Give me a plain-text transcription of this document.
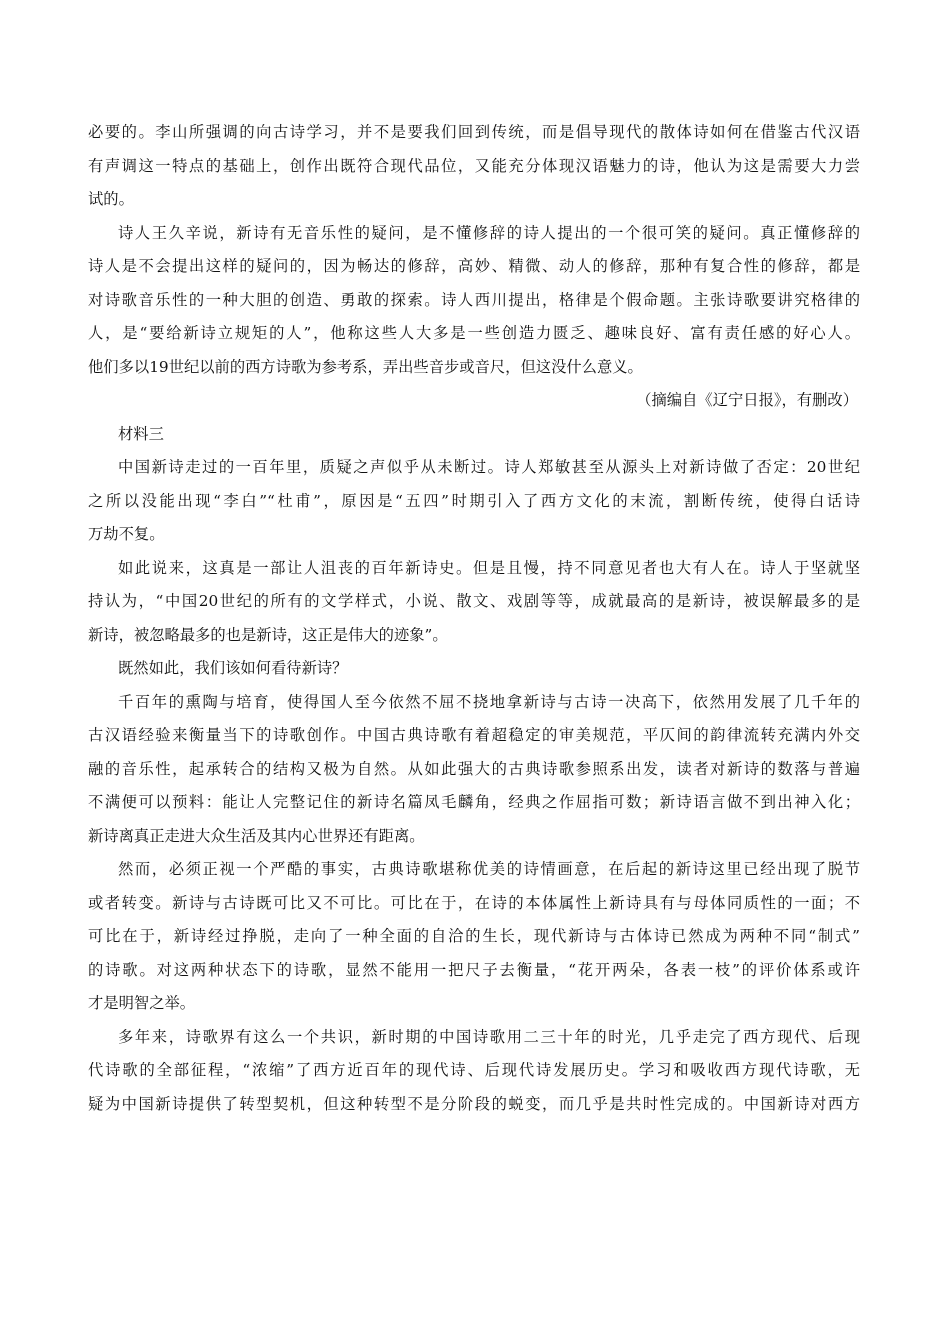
必要的。李山所强调的向古诗学习，并不是要我们回到传统，而是倡导现代的散体诗如何在借鉴古代汉语
有声调这一特点的基础上，创作出既符合现代品位，又能充分体现汉语魅力的诗，他认为这是需要大力尝
试的。
诗人王久辛说，新诗有无音乐性的疑问，是不懂修辞的诗人提出的一个很可笑的疑问。真正懂修辞的
诗人是不会提出这样的疑问的，因为畅达的修辞，高妙、精微、动人的修辞，那种有复合性的修辞，都是
对诗歌音乐性的一种大胆的创造、勇敢的探索。诗人西川提出，格律是个假命题。主张诗歌要讲究格律的
人，是“要给新诗立规矩的人”，他称这些人大多是一些创造力匮乏、趣味良好、富有责任感的好心人。
他们多以19世纪以前的西方诗歌为参考系，弄出些音步或音尺，但这没什么意义。
（摘编自《辽宁日报》，有删改）
材料三
中国新诗走过的一百年里，质疑之声似乎从未断过。诗人郑敏甚至从源头上对新诗做了否定：20世纪
之所以没能出现“李白”“杜甫”，原因是“五四”时期引入了西方文化的末流，割断传统，使得白话诗
万劫不复。
如此说来，这真是一部让人沮丧的百年新诗史。但是且慢，持不同意见者也大有人在。诗人于坚就坚
持认为，“中国20世纪的所有的文学样式，小说、散文、戏剧等等，成就最高的是新诗，被误解最多的是
新诗，被忽略最多的也是新诗，这正是伟大的迹象”。
既然如此，我们该如何看待新诗？
千百年的熏陶与培育，使得国人至今依然不屈不挠地拿新诗与古诗一决高下，依然用发展了几千年的
古汉语经验来衡量当下的诗歌创作。中国古典诗歌有着超稳定的审美规范，平仄间的韵律流转充满内外交
融的音乐性，起承转合的结构又极为自然。从如此强大的古典诗歌参照系出发，读者对新诗的数落与普遍
不满便可以预料：能让人完整记住的新诗名篇凤毛麟角，经典之作屈指可数；新诗语言做不到出神入化；
新诗离真正走进大众生活及其内心世界还有距离。
然而，必须正视一个严酷的事实，古典诗歌堪称优美的诗情画意，在后起的新诗这里已经出现了脱节
或者转变。新诗与古诗既可比又不可比。可比在于，在诗的本体属性上新诗具有与母体同质性的一面；不
可比在于，新诗经过挣脱，走向了一种全面的自洽的生长，现代新诗与古体诗已然成为两种不同“制式”
的诗歌。对这两种状态下的诗歌，显然不能用一把尺子去衡量，“花开两朵，各表一枝”的评价体系或许
才是明智之举。
多年来，诗歌界有这么一个共识，新时期的中国诗歌用二三十年的时光，几乎走完了西方现代、后现
代诗歌的全部征程，“浓缩”了西方近百年的现代诗、后现代诗发展历史。学习和吸收西方现代诗歌，无
疑为中国新诗提供了转型契机，但这种转型不是分阶段的蜕变，而几乎是共时性完成的。中国新诗对西方
